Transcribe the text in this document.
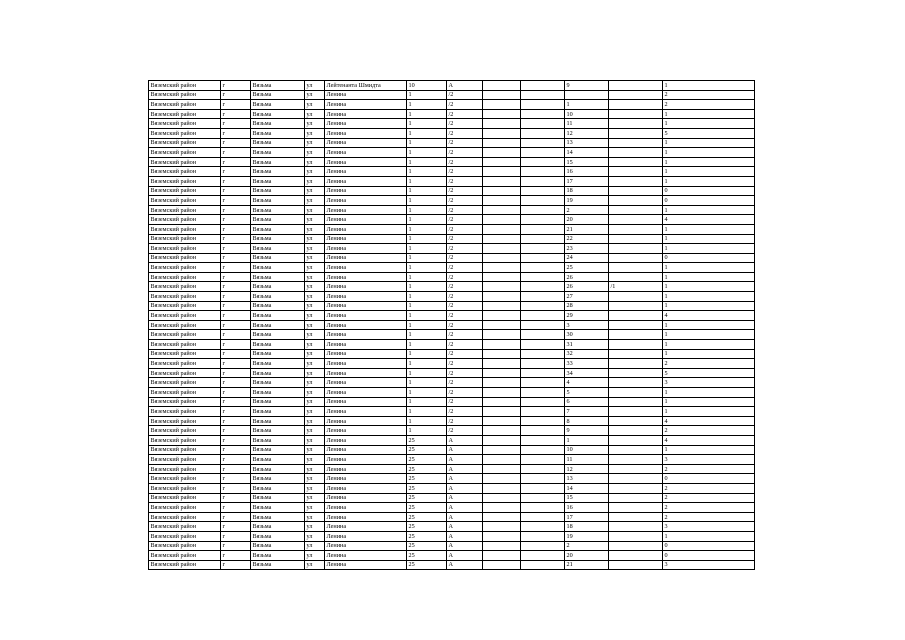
Вяземский район	г	Вязьма	ул	Лейтенанта Шмидта	10	А			9		1
Вяземский район	г	Вязьма	ул	Ленина	1	/2					2
Вяземский район	г	Вязьма	ул	Ленина	1	/2			1		2
Вяземский район	г	Вязьма	ул	Ленина	1	/2			10		1
Вяземский район	г	Вязьма	ул	Ленина	1	/2			11		1
Вяземский район	г	Вязьма	ул	Ленина	1	/2			12		5
Вяземский район	г	Вязьма	ул	Ленина	1	/2			13		1
Вяземский район	г	Вязьма	ул	Ленина	1	/2			14		1
Вяземский район	г	Вязьма	ул	Ленина	1	/2			15		1
Вяземский район	г	Вязьма	ул	Ленина	1	/2			16		1
Вяземский район	г	Вязьма	ул	Ленина	1	/2			17		1
Вяземский район	г	Вязьма	ул	Ленина	1	/2			18		0
Вяземский район	г	Вязьма	ул	Ленина	1	/2			19		0
Вяземский район	г	Вязьма	ул	Ленина	1	/2			2		1
Вяземский район	г	Вязьма	ул	Ленина	1	/2			20		4
Вяземский район	г	Вязьма	ул	Ленина	1	/2			21		1
Вяземский район	г	Вязьма	ул	Ленина	1	/2			22		1
Вяземский район	г	Вязьма	ул	Ленина	1	/2			23		1
Вяземский район	г	Вязьма	ул	Ленина	1	/2			24		0
Вяземский район	г	Вязьма	ул	Ленина	1	/2			25		1
Вяземский район	г	Вязьма	ул	Ленина	1	/2			26		1
Вяземский район	г	Вязьма	ул	Ленина	1	/2			26	/1	1
Вяземский район	г	Вязьма	ул	Ленина	1	/2			27		1
Вяземский район	г	Вязьма	ул	Ленина	1	/2			28		1
Вяземский район	г	Вязьма	ул	Ленина	1	/2			29		4
Вяземский район	г	Вязьма	ул	Ленина	1	/2			3		1
Вяземский район	г	Вязьма	ул	Ленина	1	/2			30		1
Вяземский район	г	Вязьма	ул	Ленина	1	/2			31		1
Вяземский район	г	Вязьма	ул	Ленина	1	/2			32		1
Вяземский район	г	Вязьма	ул	Ленина	1	/2			33		2
Вяземский район	г	Вязьма	ул	Ленина	1	/2			34		5
Вяземский район	г	Вязьма	ул	Ленина	1	/2			4		3
Вяземский район	г	Вязьма	ул	Ленина	1	/2			5		1
Вяземский район	г	Вязьма	ул	Ленина	1	/2			6		1
Вяземский район	г	Вязьма	ул	Ленина	1	/2			7		1
Вяземский район	г	Вязьма	ул	Ленина	1	/2			8		4
Вяземский район	г	Вязьма	ул	Ленина	1	/2			9		2
Вяземский район	г	Вязьма	ул	Ленина	25	А			1		4
Вяземский район	г	Вязьма	ул	Ленина	25	А			10		1
Вяземский район	г	Вязьма	ул	Ленина	25	А			11		3
Вяземский район	г	Вязьма	ул	Ленина	25	А			12		2
Вяземский район	г	Вязьма	ул	Ленина	25	А			13		0
Вяземский район	г	Вязьма	ул	Ленина	25	А			14		2
Вяземский район	г	Вязьма	ул	Ленина	25	А			15		2
Вяземский район	г	Вязьма	ул	Ленина	25	А			16		2
Вяземский район	г	Вязьма	ул	Ленина	25	А			17		2
Вяземский район	г	Вязьма	ул	Ленина	25	А			18		3
Вяземский район	г	Вязьма	ул	Ленина	25	А			19		1
Вяземский район	г	Вязьма	ул	Ленина	25	А			2		0
Вяземский район	г	Вязьма	ул	Ленина	25	А			20		0
Вяземский район	г	Вязьма	ул	Ленина	25	А			21		3
